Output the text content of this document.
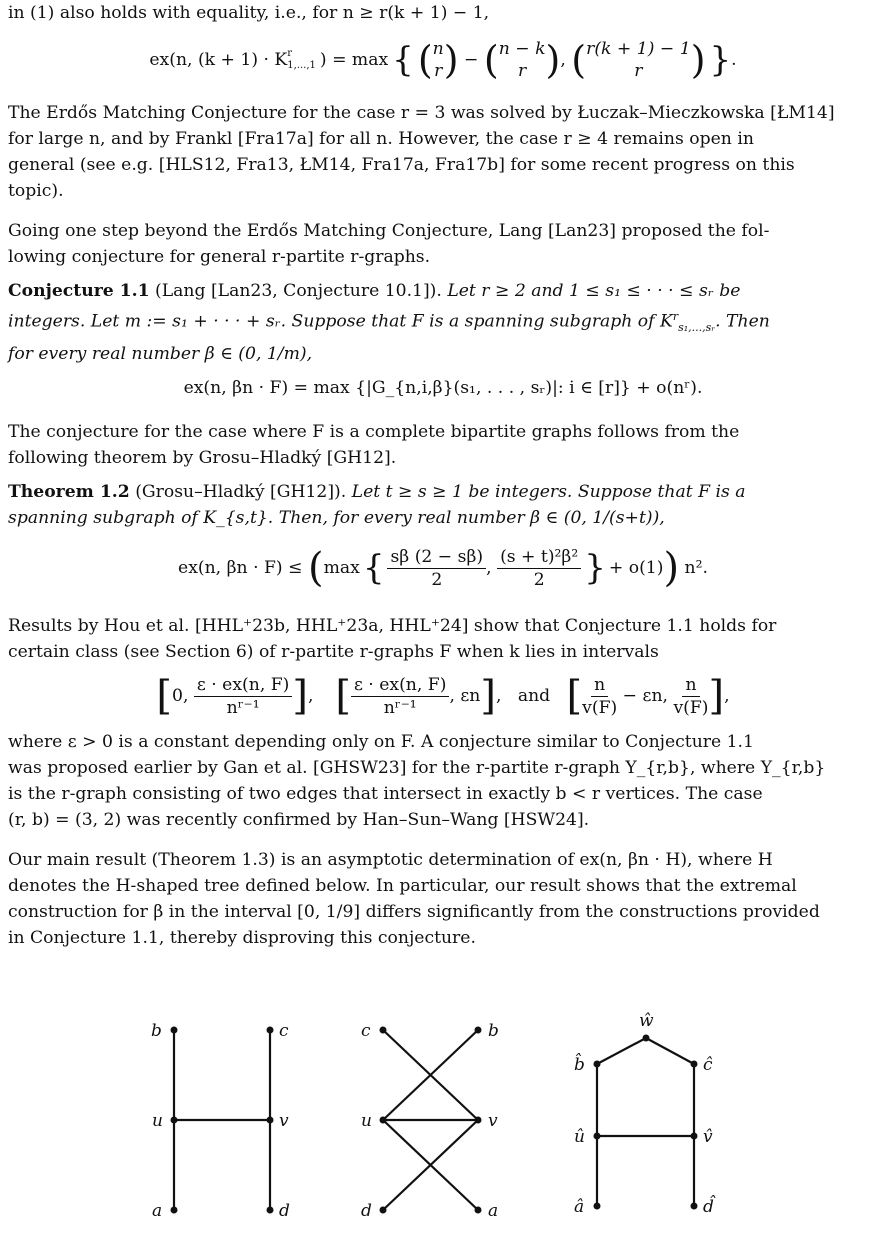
in (1) also holds with equality, i.e., for n ≥ r(k + 1) − 1,

ex(n, (k + 1) · K r
1,...,1 ) = max { ( n
r ) − ( n − k
r ) , ( r(k + 1) − 1
r ) } .

The Erdős Matching Conjecture for the case r = 3 was solved by Łuczak–Mieczkowska [ŁM14]

for large n, and by Frankl [Fra17a] for all n. However, the case r ≥ 4 remains open in

general (see e.g. [HLS12, Fra13, ŁM14, Fra17a, Fra17b] for some recent progress on this

topic).

Going one step beyond the Erdős Matching Conjecture, Lang [Lan23] proposed the fol-

lowing conjecture for general r-partite r-graphs.

Conjecture 1.1 (Lang [Lan23, Conjecture 10.1]). Let r ≥ 2 and 1 ≤ s₁ ≤ · · · ≤ sᵣ be

integers. Let m := s₁ + · · · + sᵣ. Suppose that F is a spanning subgraph of $K^r_{s_1,...,sᵣ}$. Then

for every real number β ∈ (0, 1/m),

ex(n, βn · F) = max {|G_{n,i,β}(s₁, . . . , sᵣ)|: i ∈ [r]} + o(nʳ).

The conjecture for the case where F is a complete bipartite graphs follows from the

following theorem by Grosu–Hladký [GH12].

Theorem 1.2 (Grosu–Hladký [GH12]). Let t ≥ s ≥ 1 be integers. Suppose that F is a

spanning subgraph of K_{s,t}. Then, for every real number β ∈ (0, 1/(s+t)),

ex(n, βn · F) ≤
( max { $\frac{s\beta (2 - s\beta)}{2}$ , $\frac{\text{(s + t)²β²}}{2}$ } + o(1) )
n².

Results by Hou et al. [HHL⁺23b, HHL⁺23a, HHL⁺24] show that Conjecture 1.1 holds for

certain class (see Section 6) of r-partite r-graphs F when k lies in intervals

[ 0,
$\frac{\varepsilon \cdot ex(n, F)}{\text{nʳ⁻¹}}$ ] , [ $\frac{\varepsilon \cdot ex(n, F)}{\text{nʳ⁻¹}}$ , εn ] , and
[ $\frac{n}{v(F)}$
− εn,

n
v(F) ] ,

where ε > 0 is a constant depending only on F. A conjecture similar to Conjecture 1.1

was proposed earlier by Gan et al. [GHSW23] for the r-partite r-graph Y_{r,b}, where Y_{r,b}

is the r-graph consisting of two edges that intersect in exactly b < r vertices. The case

(r, b) = (3, 2) was recently confirmed by Han–Sun–Wang [HSW24].

Our main result (Theorem 1.3) is an asymptotic determination of ex(n, βn · H), where H

denotes the H-shaped tree defined below. In particular, our result shows that the extremal

construction for β in the interval [0, 1/9] differs significantly from the constructions provided

in Conjecture 1.1, thereby disproving this conjecture.

b	c
u	v
a	d
c	b
u	v
d	a
ŵ
b̂	ĉ
û	v̂
â	d̂
